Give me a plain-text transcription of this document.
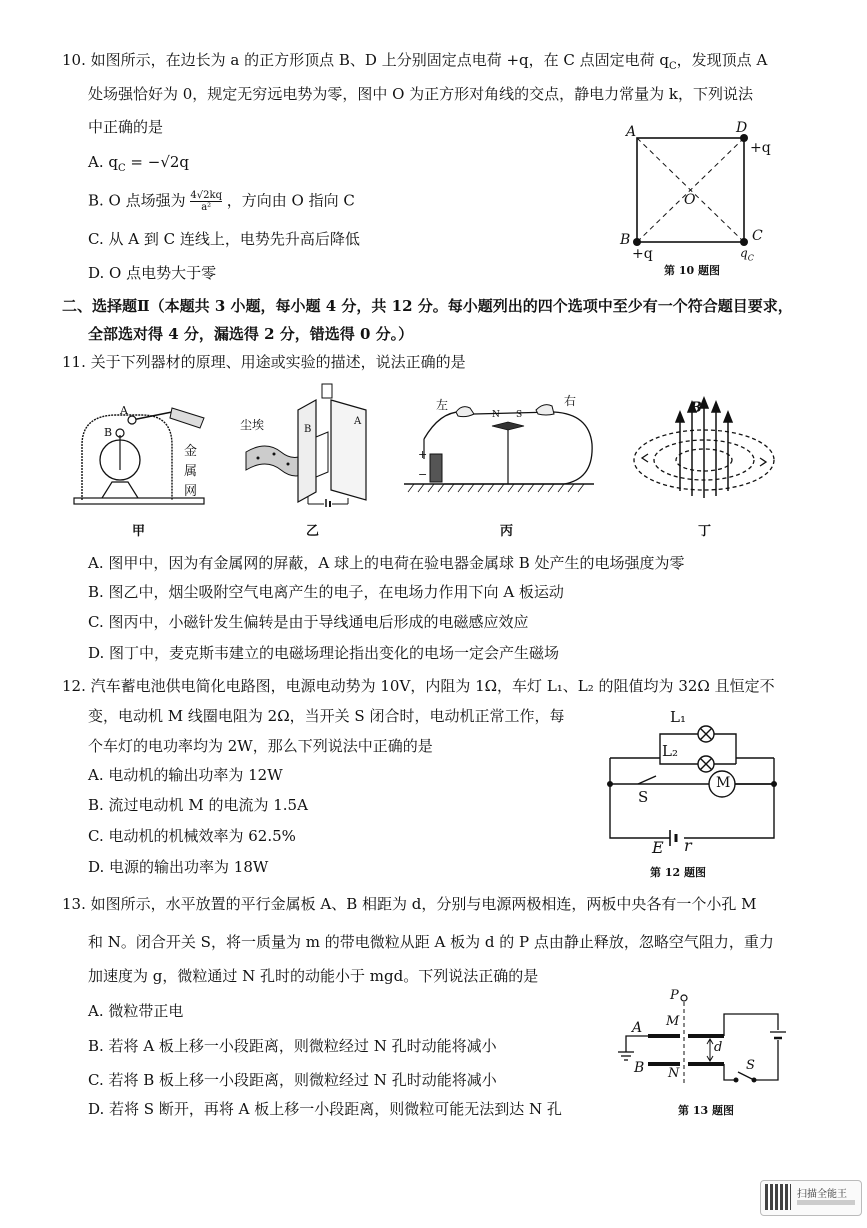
10. 如图所示，在边长为 a 的正方形顶点 B、D 上分别固定点电荷 +q，在 C 点固定电荷 $q_C$，发现顶点 A
处场强恰好为 0，规定无穷远电势为零，图中 O 为正方形对角线的交点，静电力常量为 k，下列说法
中正确的是
A. $q_C = -√2q$
B. O 点场强为 $\frac{4√2kq}{\text{a²}}$ ，方向由 O 指向 C
C. 从 A 到 C 连线上，电势先升高后降低
D. O 点电势大于零
A	D
+q
O
B	C
+q	$q_C$
第 10 题图
二、选择题Ⅱ（本题共 3 小题，每小题 4 分，共 12 分。每小题列出的四个选项中至少有一个符合题目要求，
全部选对得 4 分，漏选得 2 分，错选得 0 分。）
11. 关于下列器材的原理、用途或实验的描述，说法正确的是
A
B
金
属
网
甲
尘埃	B
A
乙
左	右
N S
+
−
丙
B
丁
A. 图甲中，因为有金属网的屏蔽，A 球上的电荷在验电器金属球 B 处产生的电场强度为零
B. 图乙中，烟尘吸附空气电离产生的电子，在电场力作用下向 A 板运动
C. 图丙中，小磁针发生偏转是由于导线通电后形成的电磁感应效应
D. 图丁中，麦克斯韦建立的电磁场理论指出变化的电场一定会产生磁场
12. 汽车蓄电池供电简化电路图，电源电动势为 10V，内阻为 1Ω，车灯 L₁、L₂ 的阻值均为 32Ω 且恒定不
变，电动机 M 线圈电阻为 2Ω，当开关 S 闭合时，电动机正常工作，每
个车灯的电功率均为 2W，那么下列说法中正确的是
A. 电动机的输出功率为 12W
B. 流过电动机 M 的电流为 1.5A
C. 电动机的机械效率为 62.5%
D. 电源的输出功率为 18W
L₁
L₂
M
S
E r
第 12 题图
13. 如图所示，水平放置的平行金属板 A、B 相距为 d，分别与电源两极相连，两板中央各有一个小孔 M
和 N。闭合开关 S，将一质量为 m 的带电微粒从距 A 板为 d 的 P 点由静止释放，忽略空气阻力，重力
加速度为 g，微粒通过 N 孔时的动能小于 mgd。下列说法正确的是
A. 微粒带正电
B. 若将 A 板上移一小段距离，则微粒经过 N 孔时动能将减小
C. 若将 B 板上移一小段距离，则微粒经过 N 孔时动能将减小
D. 若将 S 断开，再将 A 板上移一小段距离，则微粒可能无法到达 N 孔
P
M
A
B N
d
S
第 13 题图
扫描全能王
